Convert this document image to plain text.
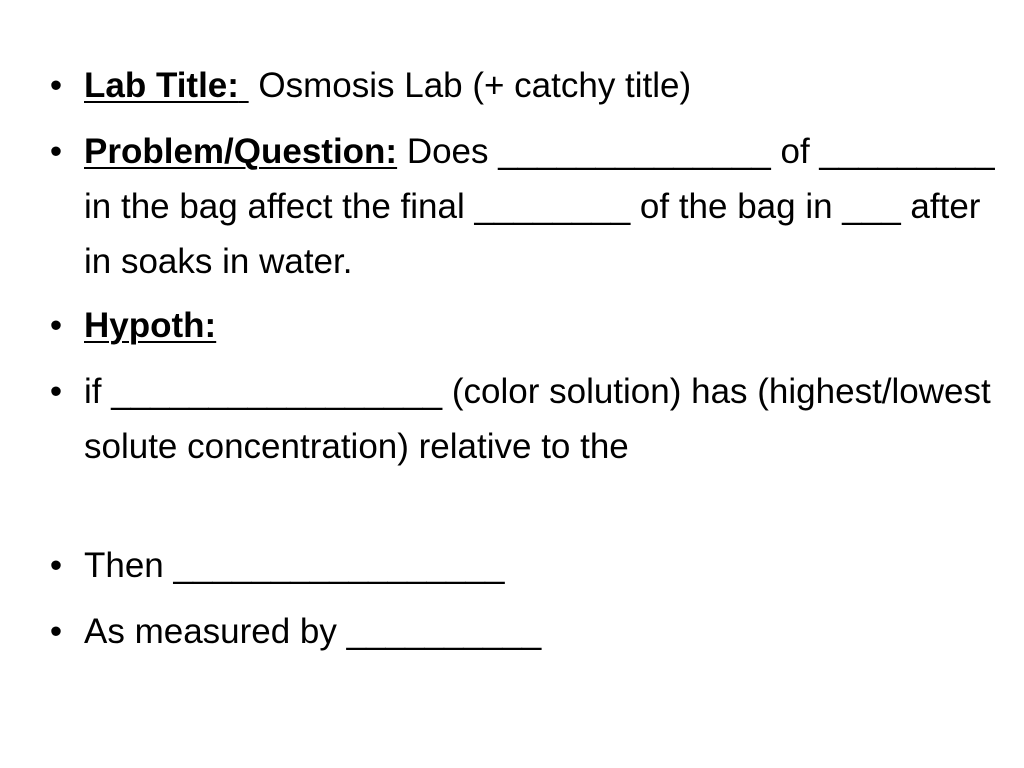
• Lab Title:  Osmosis Lab (+ catchy title)
• Problem/Question: Does ______________ of _________ in the bag affect the final ________ of the bag in ___ after in soaks in water.
• Hypoth:
• if _________________ (color solution) has (highest/lowest solute concentration) relative to the
• Then _________________
• As measured by __________
